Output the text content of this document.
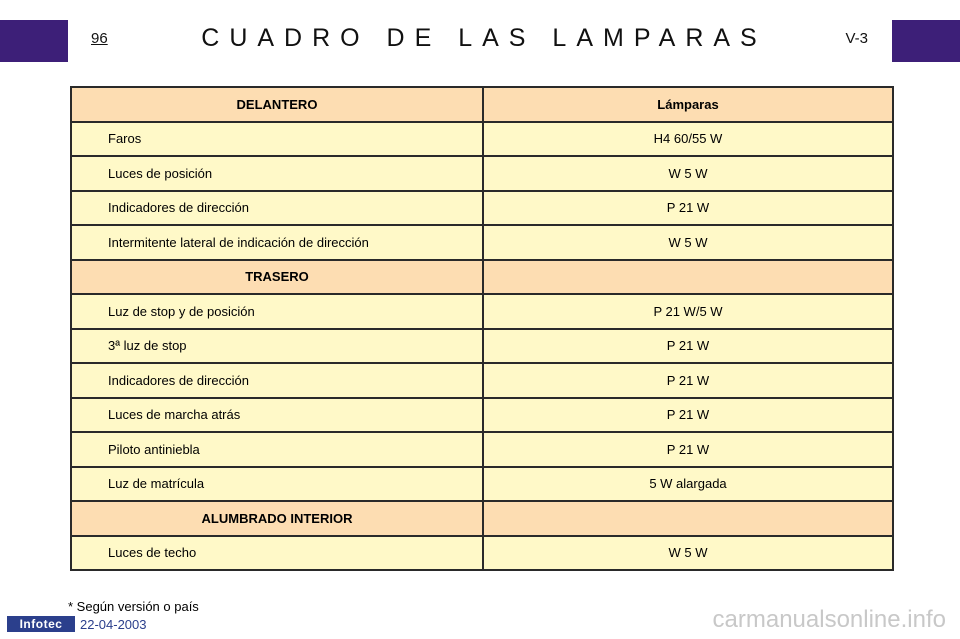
96	CUADRO DE LAS LAMPARAS	V-3
DELANTERO	Lámparas
Faros	H4 60/55 W
Luces de posición	W 5 W
Indicadores de dirección	P 21 W
Intermitente lateral de indicación de dirección	W 5 W
TRASERO	
Luz de stop y de posición	P 21 W/5 W
3ª luz de stop	P 21 W
Indicadores de dirección	P 21 W
Luces de marcha atrás	P 21 W
Piloto antiniebla	P 21 W
Luz de matrícula	5 W alargada
ALUMBRADO INTERIOR	
Luces de techo	W 5 W
* Según versión o país
Infotec	22-04-2003	carmanualsonline.info
